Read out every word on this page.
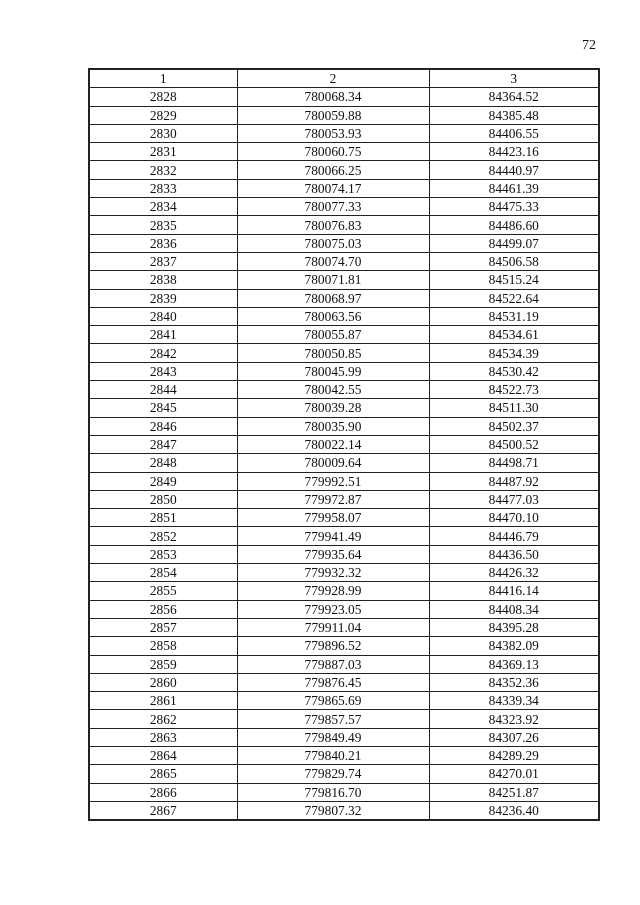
72
1	2	3
2828	780068.34	84364.52
2829	780059.88	84385.48
2830	780053.93	84406.55
2831	780060.75	84423.16
2832	780066.25	84440.97
2833	780074.17	84461.39
2834	780077.33	84475.33
2835	780076.83	84486.60
2836	780075.03	84499.07
2837	780074.70	84506.58
2838	780071.81	84515.24
2839	780068.97	84522.64
2840	780063.56	84531.19
2841	780055.87	84534.61
2842	780050.85	84534.39
2843	780045.99	84530.42
2844	780042.55	84522.73
2845	780039.28	84511.30
2846	780035.90	84502.37
2847	780022.14	84500.52
2848	780009.64	84498.71
2849	779992.51	84487.92
2850	779972.87	84477.03
2851	779958.07	84470.10
2852	779941.49	84446.79
2853	779935.64	84436.50
2854	779932.32	84426.32
2855	779928.99	84416.14
2856	779923.05	84408.34
2857	779911.04	84395.28
2858	779896.52	84382.09
2859	779887.03	84369.13
2860	779876.45	84352.36
2861	779865.69	84339.34
2862	779857.57	84323.92
2863	779849.49	84307.26
2864	779840.21	84289.29
2865	779829.74	84270.01
2866	779816.70	84251.87
2867	779807.32	84236.40
